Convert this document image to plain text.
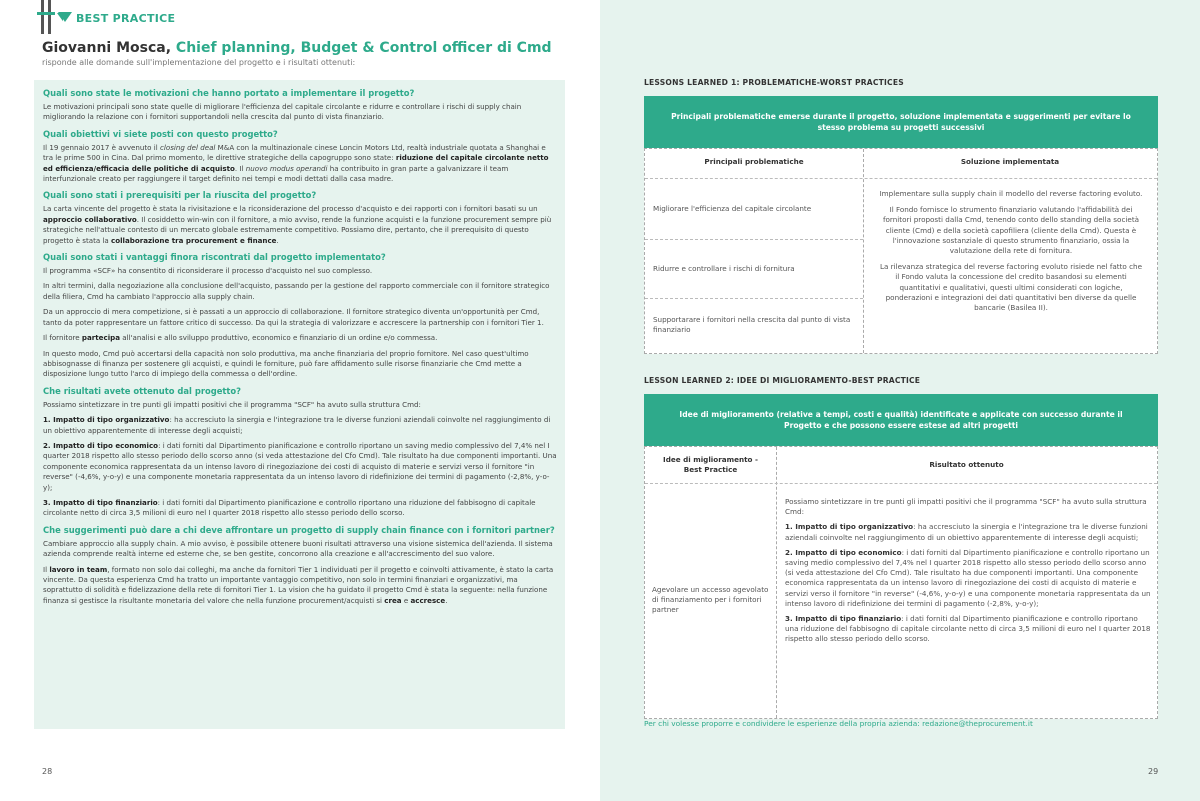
BEST PRACTICE
Giovanni Mosca, Chief planning, Budget & Control officer di Cmd
risponde alle domande sull'implementazione del progetto e i risultati ottenuti:
Quali sono state le motivazioni che hanno portato a implementare il progetto?

Le motivazioni principali sono state quelle di migliorare l'efficienza del capitale circolante e ridurre e controllare i rischi di supply chain migliorando la relazione con i fornitori supportandoli nella crescita dal punto di vista finanziario.

Quali obiettivi vi siete posti con questo progetto?

Il 19 gennaio 2017 è avvenuto il closing del deal M&A con la multinazionale cinese Loncin Motors Ltd, realtà industriale quotata a Shanghai e tra le prime 500 in Cina. Dal primo momento, le direttive strategiche della capogruppo sono state: riduzione del capitale circolante netto ed efficienza/efficacia delle politiche di acquisto. Il nuovo modus operandi ha contribuito in gran parte a galvanizzare il team interfunzionale creato per raggiungere il target definito nei tempi e modi dettati dalla casa madre.

Quali sono stati i prerequisiti per la riuscita del progetto?

La carta vincente del progetto è stata la rivisitazione e la riconsiderazione del processo d'acquisto e dei rapporti con i fornitori basati su un approccio collaborativo. Il cosiddetto win-win con il fornitore, a mio avviso, rende la funzione acquisti e la funzione procurement sempre più strategiche nell'attuale contesto di un mercato globale estremamente competitivo. Possiamo dire, pertanto, che il prerequisito di questo progetto è stata la collaborazione tra procurement e finance.

Quali sono stati i vantaggi finora riscontrati dal progetto implementato?

Il programma «SCF» ha consentito di riconsiderare il processo d'acquisto nel suo complesso.

In altri termini, dalla negoziazione alla conclusione dell'acquisto, passando per la gestione del rapporto commerciale con il fornitore strategico della filiera, Cmd ha cambiato l'approccio alla supply chain.

Da un approccio di mera competizione, si è passati a un approccio di collaborazione. Il fornitore strategico diventa un'opportunità per Cmd, tanto da poter rappresentare un fattore critico di successo. Da qui la strategia di valorizzare e accrescere la partnership con i fornitori Tier 1.

Il fornitore partecipa all'analisi e allo sviluppo produttivo, economico e finanziario di un ordine e/o commessa.

In questo modo, Cmd può accertarsi della capacità non solo produttiva, ma anche finanziaria del proprio fornitore. Nel caso quest'ultimo abbisognasse di finanza per sostenere gli acquisti, e quindi le forniture, può fare affidamento sulle risorse finanziarie che Cmd mette a disposizione lungo tutto l'arco di impiego della commessa o dell'ordine.

Che risultati avete ottenuto dal progetto?

Possiamo sintetizzare in tre punti gli impatti positivi che il programma "SCF" ha avuto sulla struttura Cmd:

1. Impatto di tipo organizzativo: ha accresciuto la sinergia e l'integrazione tra le diverse funzioni aziendali coinvolte nel raggiungimento di un obiettivo apparentemente di interesse degli acquisti;

2. Impatto di tipo economico: i dati forniti dal Dipartimento pianificazione e controllo riportano un saving medio complessivo del 7,4% nel I quarter 2018 rispetto allo stesso periodo dello scorso anno (si veda attestazione del Cfo Cmd). Tale risultato ha due componenti importanti. Una componente economica rappresentata da un intenso lavoro di rinegoziazione dei costi di acquisto di materie e servizi verso il fornitore "in reverse" (-4,6%, y-o-y) e una componente monetaria rappresentata da un intenso lavoro di ridefinizione dei termini di pagamento (-2,8%, y-o-y);

3. Impatto di tipo finanziario: i dati forniti dal Dipartimento pianificazione e controllo riportano una riduzione del fabbisogno di capitale circolante netto di circa 3,5 milioni di euro nel I quarter 2018 rispetto allo stesso periodo dello scorso.

Che suggerimenti può dare a chi deve affrontare un progetto di supply chain finance con i fornitori partner?

Cambiare approccio alla supply chain. A mio avviso, è possibile ottenere buoni risultati attraverso una visione sistemica dell'azienda. Il sistema azienda comprende realtà interne ed esterne che, se ben gestite, concorrono alla creazione e all'accrescimento del suo valore.

Il lavoro in team, formato non solo dai colleghi, ma anche da fornitori Tier 1 individuati per il progetto e coinvolti attivamente, è stato la carta vincente. Da questa esperienza Cmd ha tratto un importante vantaggio competitivo, non solo in termini finanziari e organizzativi, ma soprattutto di solidità e fidelizzazione della rete di fornitori Tier 1. La vision che ha guidato il progetto Cmd è stata la seguente: nella funzione finanza si gestisce la risultante monetaria del valore che nella funzione procurement/acquisti si crea e accresce.

28
LESSONS LEARNED 1: PROBLEMATICHE-WORST PRACTICES
Principali problematiche emerse durante il progetto, soluzione implementata e suggerimenti per evitare lo stesso problema su progetti successivi
Principali problematiche	Soluzione implementata
Migliorare l'efficienza del capitale circolante
Ridurre e controllare i rischi di fornitura
Supportarare i fornitori nella crescita dal punto di vista finanziario
Implementare sulla supply chain il modello del reverse factoring evoluto.
Il Fondo fornisce lo strumento finanziario valutando l'affidabilità dei fornitori proposti dalla Cmd, tenendo conto dello standing della società cliente (Cmd) e della società capofiliera (cliente della Cmd). Questa è l'innovazione sostanziale di questo strumento finanziario, ossia la valutazione della rete di fornitura.
La rilevanza strategica del reverse factoring evoluto risiede nel fatto che il Fondo valuta la concessione del credito basandosi su elementi quantitativi e qualitativi, questi ultimi considerati con logiche, ponderazioni e integrazioni dei dati quantitativi ben diverse da quelle bancarie (Basilea II).
LESSON LEARNED 2: IDEE DI MIGLIORAMENTO-BEST PRACTICE
Idee di miglioramento (relative a tempi, costi e qualità) identificate e applicate con successo durante il Progetto e che possono essere estese ad altri progetti
Idee di miglioramento - Best Practice
Risultato ottenuto
Agevolare un accesso agevolato di finanziamento per i fornitori partner
Possiamo sintetizzare in tre punti gli impatti positivi che il programma "SCF" ha avuto sulla struttura Cmd:
1. Impatto di tipo organizzativo: ha accresciuto la sinergia e l'integrazione tra le diverse funzioni aziendali coinvolte nel raggiungimento di un obiettivo apparentemente di interesse degli acquisti;
2. Impatto di tipo economico: i dati forniti dal Dipartimento pianificazione e controllo riportano un saving medio complessivo del 7,4% nel I quarter 2018 rispetto allo stesso periodo dello scorso anno (si veda attestazione del Cfo Cmd). Tale risultato ha due componenti importanti. Una componente economica rappresentata da un intenso lavoro di rinegoziazione dei costi di acquisto di materie e servizi verso il fornitore "in reverse" (-4,6%, y-o-y) e una componente monetaria rappresentata da un intenso lavoro di ridefinizione dei termini di pagamento (-2,8%, y-o-y);
3. Impatto di tipo finanziario: i dati forniti dal Dipartimento pianificazione e controllo riportano una riduzione del fabbisogno di capitale circolante netto di circa 3,5 milioni di euro nel I quarter 2018 rispetto allo stesso periodo dello scorso.
Per chi volesse proporre e condividere le esperienze della propria azienda: redazione@theprocurement.it
29
